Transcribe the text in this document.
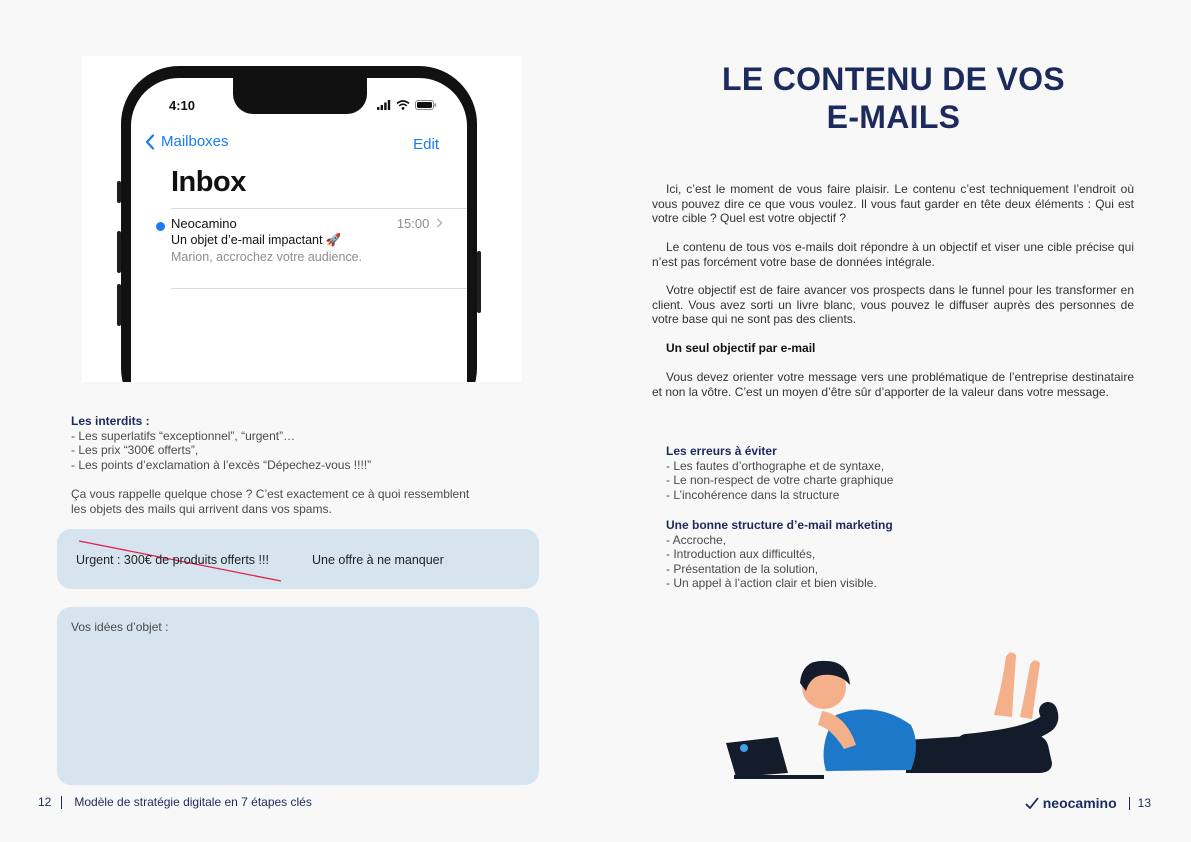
4:10
Mailboxes	Edit
Inbox
Neocamino	15:00
Un objet d’e-mail impactant 🚀
Marion, accrochez votre audience.
Les interdits :
- Les superlatifs “exceptionnel”, “urgent”…
- Les prix “300€ offerts”,
- Les points d’exclamation à l’excès “Dépechez-vous !!!!”
Ça vous rappelle quelque chose ? C’est exactement ce à quoi ressemblent
les objets des mails qui arrivent dans vos spams.
Urgent : 300€ de produits offerts !!!	Une offre à ne manquer
Vos idées d’objet :
12 Modèle de stratégie digitale en 7 étapes clés
LE CONTENU DE VOS
E-MAILS

Ici, c’est le moment de vous faire plaisir. Le contenu c’est techniquement l’endroit où vous pouvez dire ce que vous voulez. Il vous faut garder en tête deux éléments : Qui est votre cible ? Quel est votre objectif ?

Le contenu de tous vos e-mails doit répondre à un objectif et viser une cible précise qui n’est pas forcément votre base de données intégrale.

Votre objectif est de faire avancer vos prospects dans le funnel pour les transformer en client. Vous avez sorti un livre blanc, vous pouvez le diffuser auprès des personnes de votre base qui ne sont pas des clients.

Un seul objectif par e-mail

Vous devez orienter votre message vers une problématique de l’entreprise destinataire et non la vôtre. C’est un moyen d’être sûr d’apporter de la valeur dans votre message.

Les erreurs à éviter
- Les fautes d’orthographe et de syntaxe,
- Le non-respect de votre charte graphique
- L’incohérence dans la structure
Une bonne structure d’e-mail marketing
- Accroche,
- Introduction aux difficultés,
- Présentation de la solution,
- Un appel à l’action clair et bien visible.
neocamino 13
